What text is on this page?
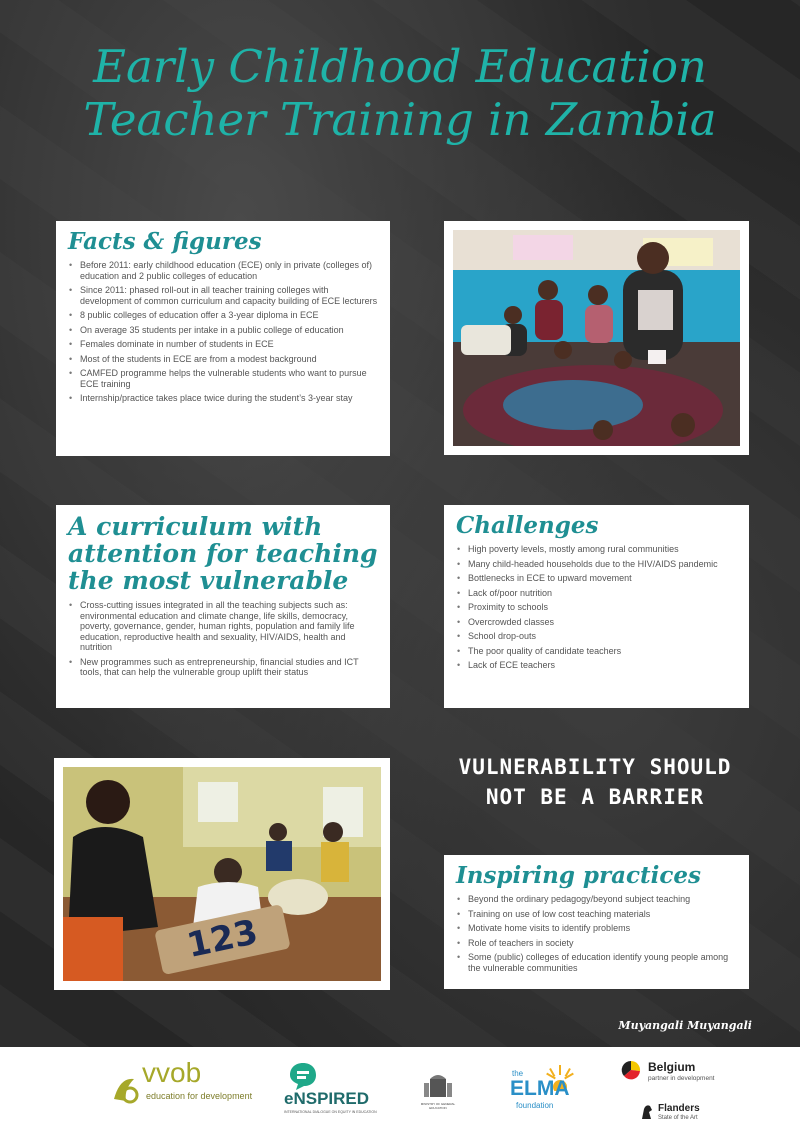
Early Childhood Education
Teacher Training in Zambia
Facts & figures
• Before 2011: early childhood education (ECE) only in private (colleges of) education and 2 public colleges of education
• Since 2011: phased roll-out in all teacher training colleges with development of common curriculum and capacity building of ECE lecturers
• 8 public colleges of education offer a 3-year diploma in ECE
• On average 35 students per intake in a public college of education
• Females dominate in number of students in ECE
• Most of the students in ECE are from a modest background
• CAMFED programme helps the vulnerable students who want to pursue ECE training
• Internship/practice takes place twice during the student’s 3-year stay
A curriculum with
attention for teaching
the most vulnerable
• Cross-cutting issues integrated in all the teaching subjects such as: environmental education and climate change, life skills, democracy, poverty, governance, gender, human rights, population and family life education, reproductive health and sexuality, HIV/AIDS, health and nutrition
• New programmes such as entrepreneurship, financial studies and ICT tools, that can help the vulnerable group uplift their status
Challenges
• High poverty levels, mostly among rural communities
• Many child-headed households due to the HIV/AIDS pandemic
• Bottlenecks in ECE to upward movement
• Lack of/poor nutrition
• Proximity to schools
• Overcrowded classes
• School drop-outs
• The poor quality of candidate teachers
• Lack of ECE teachers
123
VULNERABILITY SHOULD
NOT BE A BARRIER
Inspiring practices
• Beyond the ordinary pedagogy/beyond subject teaching
• Training on use of low cost teaching materials
• Motivate home visits to identify problems
• Role of teachers in society
• Some (public) colleges of education identify young people among the vulnerable communities
Muyangali Muyangali
vvob
education for development eNSPIRED
INTERNATIONAL DIALOGUE ON EQUITY IN EDUCATION
MINISTRY OF GENERAL EDUCATION
the
ELMA
foundation
Belgium
partner in development
Flanders
State of the Art
